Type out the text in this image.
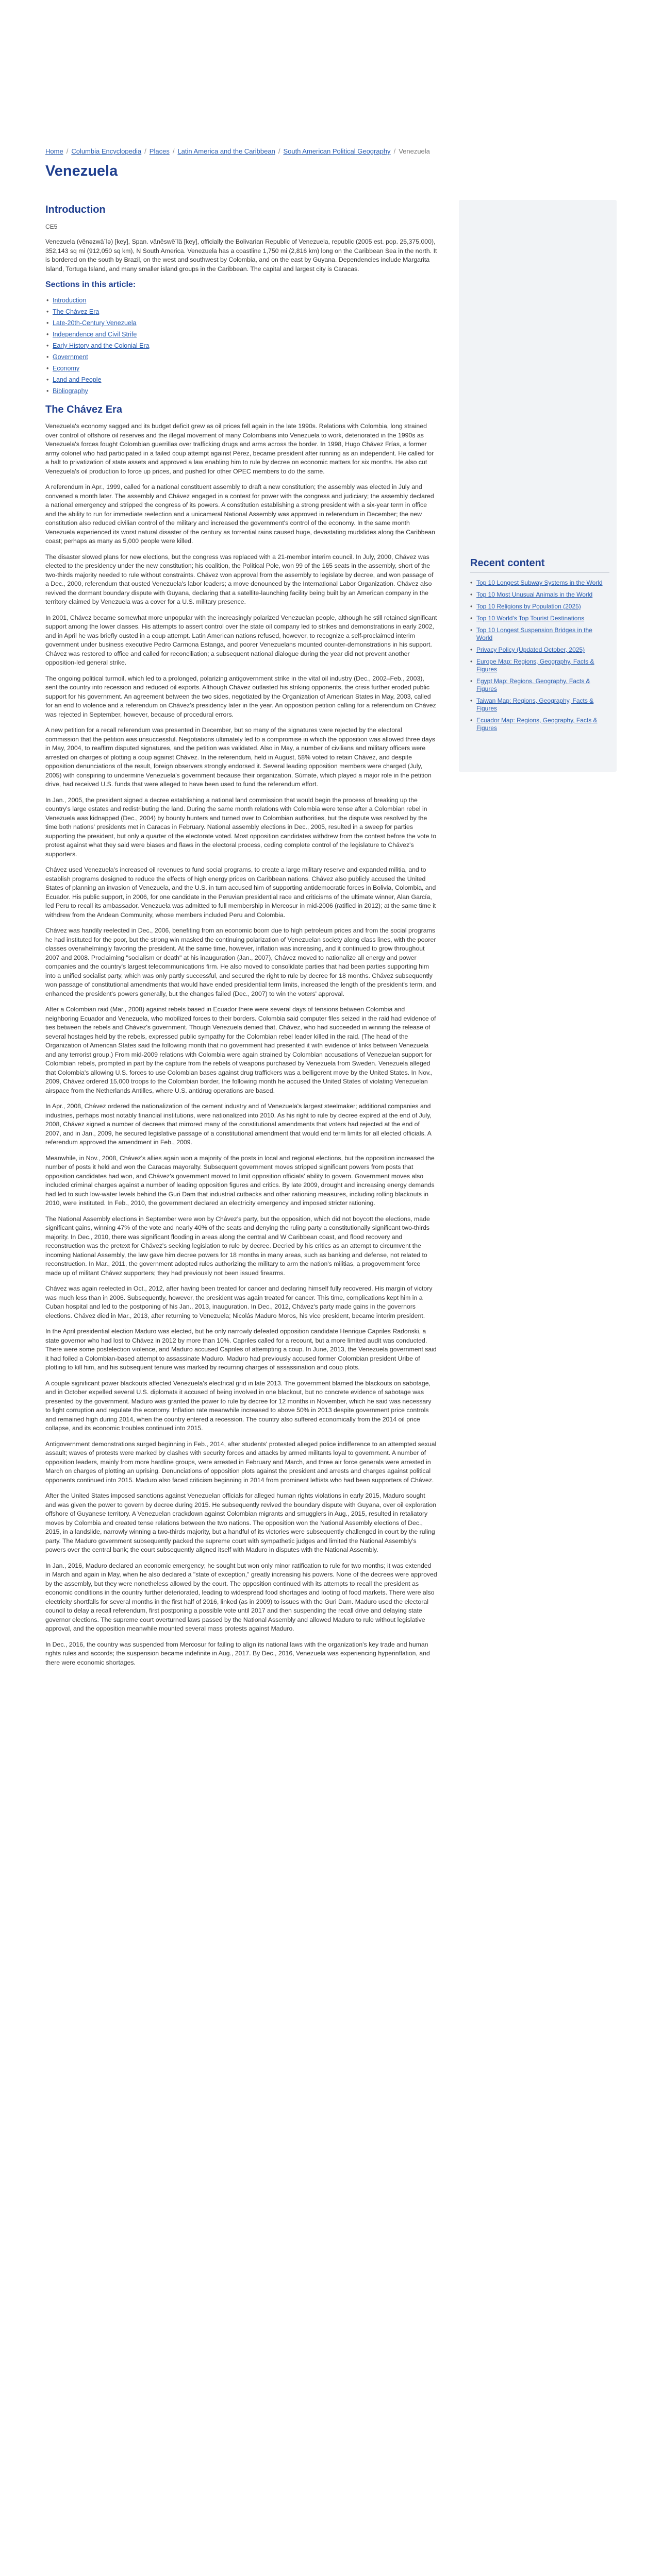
Home / Columbia Encyclopedia / Places / Latin America and the Caribbean / South American Political Geography / Venezuela
Venezuela
Introduction
CE5

Venezuela (vĕnəzwā´lə) [key], Span. văněswě´lä [key], officially the Bolivarian Republic of Venezuela, republic (2005 est. pop. 25,375,000), 352,143 sq mi (912,050 sq km), N South America. Venezuela has a coastline 1,750 mi (2,816 km) long on the Caribbean Sea in the north. It is bordered on the south by Brazil, on the west and southwest by Colombia, and on the east by Guyana. Dependencies include Margarita Island, Tortuga Island, and many smaller island groups in the Caribbean. The capital and largest city is Caracas.

Sections in this article:
• Introduction
• The Chávez Era
• Late-20th-Century Venezuela
• Independence and Civil Strife
• Early History and the Colonial Era
• Government
• Economy
• Land and People
• Bibliography
The Chávez Era

Venezuela's economy sagged and its budget deficit grew as oil prices fell again in the late 1990s. Relations with Colombia, long strained over control of offshore oil reserves and the illegal movement of many Colombians into Venezuela to work, deteriorated in the 1990s as Venezuela's forces fought Colombian guerrillas over trafficking drugs and arms across the border. In 1998, Hugo Chávez Frías, a former army colonel who had participated in a failed coup attempt against Pérez, became president after running as an independent. He called for a halt to privatization of state assets and approved a law enabling him to rule by decree on economic matters for six months. He also cut Venezuela's oil production to force up prices, and pushed for other OPEC members to do the same.

A referendum in Apr., 1999, called for a national constituent assembly to draft a new constitution; the assembly was elected in July and convened a month later. The assembly and Chávez engaged in a contest for power with the congress and judiciary; the assembly declared a national emergency and stripped the congress of its powers. A constitution establishing a strong president with a six-year term in office and the ability to run for immediate reelection and a unicameral National Assembly was approved in referendum in December; the new constitution also reduced civilian control of the military and increased the government's control of the economy. In the same month Venezuela experienced its worst natural disaster of the century as torrential rains caused huge, devastating mudslides along the Caribbean coast; perhaps as many as 5,000 people were killed.

The disaster slowed plans for new elections, but the congress was replaced with a 21-member interim council. In July, 2000, Chávez was elected to the presidency under the new constitution; his coalition, the Political Pole, won 99 of the 165 seats in the assembly, short of the two-thirds majority needed to rule without constraints. Chávez won approval from the assembly to legislate by decree, and won passage of a Dec., 2000, referendum that ousted Venezuela's labor leaders; a move denounced by the International Labor Organization. Chávez also revived the dormant boundary dispute with Guyana, declaring that a satellite-launching facility being built by an American company in the territory claimed by Venezuela was a cover for a U.S. military presence.

In 2001, Chávez became somewhat more unpopular with the increasingly polarized Venezuelan people, although he still retained significant support among the lower classes. His attempts to assert control over the state oil company led to strikes and demonstrations in early 2002, and in April he was briefly ousted in a coup attempt. Latin American nations refused, however, to recognize a self-proclaimed interim government under business executive Pedro Carmona Estanga, and poorer Venezuelans mounted counter-demonstrations in his support. Chávez was restored to office and called for reconciliation; a subsequent national dialogue during the year did not prevent another opposition-led general strike.

The ongoing political turmoil, which led to a prolonged, polarizing antigovernment strike in the vital oil industry (Dec., 2002–Feb., 2003), sent the country into recession and reduced oil exports. Although Chávez outlasted his striking opponents, the crisis further eroded public support for his government. An agreement between the two sides, negotiated by the Organization of American States in May, 2003, called for an end to violence and a referendum on Chávez's presidency later in the year. An opposition petition calling for a referendum on Chávez was rejected in September, however, because of procedural errors.

A new petition for a recall referendum was presented in December, but so many of the signatures were rejected by the electoral commission that the petition was unsuccessful. Negotiations ultimately led to a compromise in which the opposition was allowed three days in May, 2004, to reaffirm disputed signatures, and the petition was validated. Also in May, a number of civilians and military officers were arrested on charges of plotting a coup against Chávez. In the referendum, held in August, 58% voted to retain Chávez, and despite opposition denunciations of the result, foreign observers strongly endorsed it. Several leading opposition members were charged (July, 2005) with conspiring to undermine Venezuela's government because their organization, Súmate, which played a major role in the petition drive, had received U.S. funds that were alleged to have been used to fund the referendum effort.

In Jan., 2005, the president signed a decree establishing a national land commission that would begin the process of breaking up the country's large estates and redistributing the land. During the same month relations with Colombia were tense after a Colombian rebel in Venezuela was kidnapped (Dec., 2004) by bounty hunters and turned over to Colombian authorities, but the dispute was resolved by the time both nations' presidents met in Caracas in February. National assembly elections in Dec., 2005, resulted in a sweep for parties supporting the president, but only a quarter of the electorate voted. Most opposition candidates withdrew from the contest before the vote to protest against what they said were biases and flaws in the electoral process, ceding complete control of the legislature to Chávez's supporters.

Chávez used Venezuela's increased oil revenues to fund social programs, to create a large military reserve and expanded militia, and to establish programs designed to reduce the effects of high energy prices on Caribbean nations. Chávez also publicly accused the United States of planning an invasion of Venezuela, and the U.S. in turn accused him of supporting antidemocratic forces in Bolivia, Colombia, and Ecuador. His public support, in 2006, for one candidate in the Peruvian presidential race and criticisms of the ultimate winner, Alan García, led Peru to recall its ambassador. Venezuela was admitted to full membership in Mercosur in mid-2006 (ratified in 2012); at the same time it withdrew from the Andean Community, whose members included Peru and Colombia.

Chávez was handily reelected in Dec., 2006, benefiting from an economic boom due to high petroleum prices and from the social programs he had instituted for the poor, but the strong win masked the continuing polarization of Venezuelan society along class lines, with the poorer classes overwhelmingly favoring the president. At the same time, however, inflation was increasing, and it continued to grow throughout 2007 and 2008. Proclaiming "socialism or death" at his inauguration (Jan., 2007), Chávez moved to nationalize all energy and power companies and the country's largest telecommunications firm. He also moved to consolidate parties that had been parties supporting him into a unified socialist party, which was only partly successful, and secured the right to rule by decree for 18 months. Chávez subsequently won passage of constitutional amendments that would have ended presidential term limits, increased the length of the president's term, and enhanced the president's powers generally, but the changes failed (Dec., 2007) to win the voters' approval.

After a Colombian raid (Mar., 2008) against rebels based in Ecuador there were several days of tensions between Colombia and neighboring Ecuador and Venezuela, who mobilized forces to their borders. Colombia said computer files seized in the raid had evidence of ties between the rebels and Chávez's government. Though Venezuela denied that, Chávez, who had succeeded in winning the release of several hostages held by the rebels, expressed public sympathy for the Colombian rebel leader killed in the raid. (The head of the Organization of American States said the following month that no government had presented it with evidence of links between Venezuela and any terrorist group.) From mid-2009 relations with Colombia were again strained by Colombian accusations of Venezuelan support for Colombian rebels, prompted in part by the capture from the rebels of weapons purchased by Venezuela from Sweden. Venezuela alleged that Colombia's allowing U.S. forces to use Colombian bases against drug traffickers was a belligerent move by the United States. In Nov., 2009, Chávez ordered 15,000 troops to the Colombian border, the following month he accused the United States of violating Venezuelan airspace from the Netherlands Antilles, where U.S. antidrug operations are based.

In Apr., 2008, Chávez ordered the nationalization of the cement industry and of Venezuela's largest steelmaker; additional companies and industries, perhaps most notably financial institutions, were nationalized into 2010. As his right to rule by decree expired at the end of July, 2008, Chávez signed a number of decrees that mirrored many of the constitutional amendments that voters had rejected at the end of 2007, and in Jan., 2009, he secured legislative passage of a constitutional amendment that would end term limits for all elected officials. A referendum approved the amendment in Feb., 2009.

Meanwhile, in Nov., 2008, Chávez's allies again won a majority of the posts in local and regional elections, but the opposition increased the number of posts it held and won the Caracas mayoralty. Subsequent government moves stripped significant powers from posts that opposition candidates had won, and Chávez's government moved to limit opposition officials' ability to govern. Government moves also included criminal charges against a number of leading opposition figures and critics. By late 2009, drought and increasing energy demands had led to such low-water levels behind the Guri Dam that industrial cutbacks and other rationing measures, including rolling blackouts in 2010, were instituted. In Feb., 2010, the government declared an electricity emergency and imposed stricter rationing.

The National Assembly elections in September were won by Chávez's party, but the opposition, which did not boycott the elections, made significant gains, winning 47% of the vote and nearly 40% of the seats and denying the ruling party a constitutionally significant two-thirds majority. In Dec., 2010, there was significant flooding in areas along the central and W Caribbean coast, and flood recovery and reconstruction was the pretext for Chávez's seeking legislation to rule by decree. Decried by his critics as an attempt to circumvent the incoming National Assembly, the law gave him decree powers for 18 months in many areas, such as banking and defense, not related to reconstruction. In Mar., 2011, the government adopted rules authorizing the military to arm the nation's militias, a progovernment force made up of militant Chávez supporters; they had previously not been issued firearms.

Chávez was again reelected in Oct., 2012, after having been treated for cancer and declaring himself fully recovered. His margin of victory was much less than in 2006. Subsequently, however, the president was again treated for cancer. This time, complications kept him in a Cuban hospital and led to the postponing of his Jan., 2013, inauguration. In Dec., 2012, Chávez's party made gains in the governors elections. Chávez died in Mar., 2013, after returning to Venezuela; Nicolás Maduro Moros, his vice president, became interim president.

In the April presidential election Maduro was elected, but he only narrowly defeated opposition candidate Henrique Capriles Radonski, a state governor who had lost to Chávez in 2012 by more than 10%. Capriles called for a recount, but a more limited audit was conducted. There were some postelection violence, and Maduro accused Capriles of attempting a coup. In June, 2013, the Venezuela government said it had foiled a Colombian-based attempt to assassinate Maduro. Maduro had previously accused former Colombian president Uribe of plotting to kill him, and his subsequent tenure was marked by recurring charges of assassination and coup plots.

A couple significant power blackouts affected Venezuela's electrical grid in late 2013. The government blamed the blackouts on sabotage, and in October expelled several U.S. diplomats it accused of being involved in one blackout, but no concrete evidence of sabotage was presented by the government. Maduro was granted the power to rule by decree for 12 months in November, which he said was necessary to fight corruption and regulate the economy. Inflation rate meanwhile increased to above 50% in 2013 despite government price controls and remained high during 2014, when the country entered a recession. The country also suffered economically from the 2014 oil price collapse, and its economic troubles continued into 2015.

Antigovernment demonstrations surged beginning in Feb., 2014, after students' protested alleged police indifference to an attempted sexual assault; waves of protests were marked by clashes with security forces and attacks by armed militants loyal to government. A number of opposition leaders, mainly from more hardline groups, were arrested in February and March, and three air force generals were arrested in March on charges of plotting an uprising. Denunciations of opposition plots against the president and arrests and charges against political opponents continued into 2015. Maduro also faced criticism beginning in 2014 from prominent leftists who had been supporters of Chávez.

After the United States imposed sanctions against Venezuelan officials for alleged human rights violations in early 2015, Maduro sought and was given the power to govern by decree during 2015. He subsequently revived the boundary dispute with Guyana, over oil exploration offshore of Guyanese territory. A Venezuelan crackdown against Colombian migrants and smugglers in Aug., 2015, resulted in retaliatory moves by Colombia and created tense relations between the two nations. The opposition won the National Assembly elections of Dec., 2015, in a landslide, narrowly winning a two-thirds majority, but a handful of its victories were subsequently challenged in court by the ruling party. The Maduro government subsequently packed the supreme court with sympathetic judges and limited the National Assembly's powers over the central bank; the court subsequently aligned itself with Maduro in disputes with the National Assembly.

In Jan., 2016, Maduro declared an economic emergency; he sought but won only minor ratification to rule for two months; it was extended in March and again in May, when he also declared a "state of exception," greatly increasing his powers. None of the decrees were approved by the assembly, but they were nonetheless allowed by the court. The opposition continued with its attempts to recall the president as economic conditions in the country further deteriorated, leading to widespread food shortages and looting of food markets. There were also electricity shortfalls for several months in the first half of 2016, linked (as in 2009) to issues with the Guri Dam. Maduro used the electoral council to delay a recall referendum, first postponing a possible vote until 2017 and then suspending the recall drive and delaying state governor elections. The supreme court overturned laws passed by the National Assembly and allowed Maduro to rule without legislative approval, and the opposition meanwhile mounted several mass protests against Maduro.

In Dec., 2016, the country was suspended from Mercosur for failing to align its national laws with the organization's key trade and human rights rules and accords; the suspension became indefinite in Aug., 2017. By Dec., 2016, Venezuela was experiencing hyperinflation, and there were economic shortages.

Recent content
• Top 10 Longest Subway Systems in the World
• Top 10 Most Unusual Animals in the World
• Top 10 Religions by Population (2025)
• Top 10 World's Top Tourist Destinations
• Top 10 Longest Suspension Bridges in the World
• Privacy Policy (Updated October, 2025)
• Europe Map: Regions, Geography, Facts & Figures
• Egypt Map: Regions, Geography, Facts & Figures
• Taiwan Map: Regions, Geography, Facts & Figures
• Ecuador Map: Regions, Geography, Facts & Figures
